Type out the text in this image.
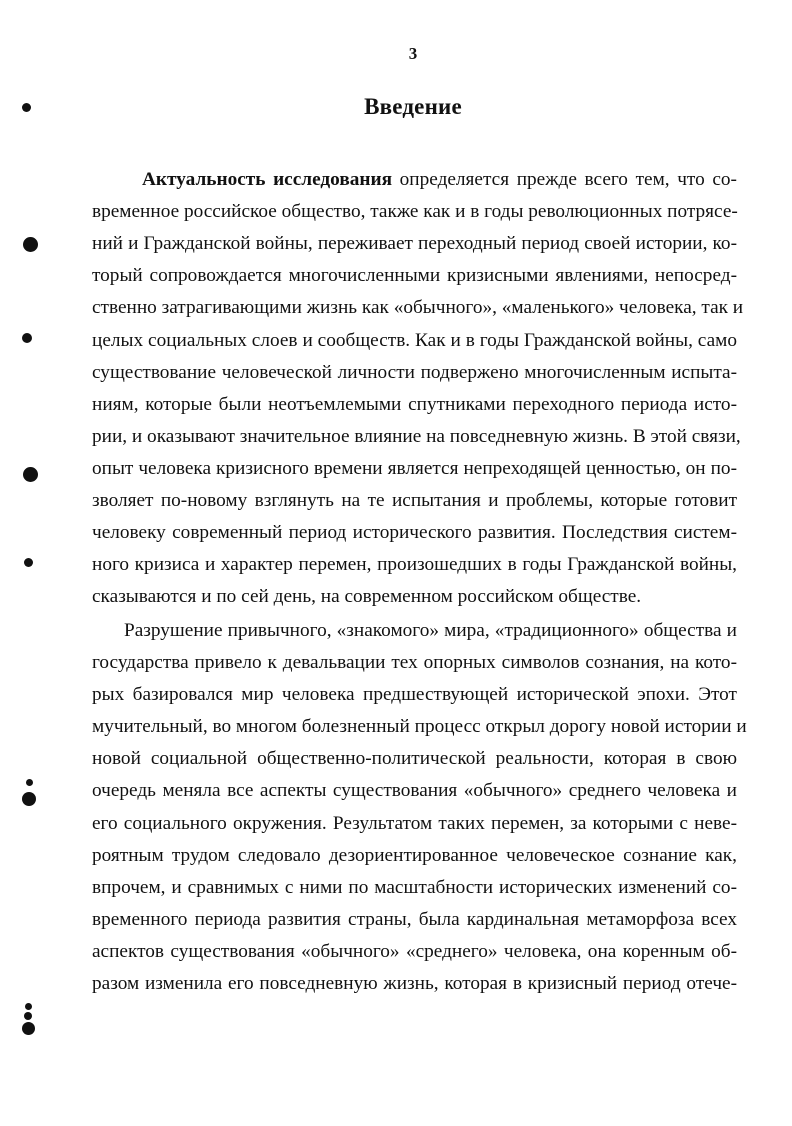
3
Введение
Актуальность исследования определяется прежде всего тем, что со-
временное российское общество, также как и в годы революционных потрясе-
ний и Гражданской войны, переживает переходный период своей истории, ко-
торый сопровождается многочисленными кризисными явлениями, непосред-
ственно затрагивающими жизнь как «обычного», «маленького» человека, так и
целых социальных слоев и сообществ. Как и в годы Гражданской войны, само
существование человеческой личности подвержено многочисленным испыта-
ниям, которые были неотъемлемыми спутниками переходного периода исто-
рии, и оказывают значительное влияние на повседневную жизнь. В этой связи,
опыт человека кризисного времени является непреходящей ценностью, он по-
зволяет по-новому взглянуть на те испытания и проблемы, которые готовит
человеку современный период исторического развития. Последствия систем-
ного кризиса и характер перемен, произошедших в годы Гражданской войны,
сказываются и по сей день, на современном российском обществе.
Разрушение привычного, «знакомого» мира, «традиционного» общества и
государства привело к девальвации тех опорных символов сознания, на кото-
рых базировался мир человека предшествующей исторической эпохи. Этот
мучительный, во многом болезненный процесс открыл дорогу новой истории и
новой социальной общественно-политической реальности, которая в свою
очередь меняла все аспекты существования «обычного» среднего человека и
его социального окружения. Результатом таких перемен, за которыми с неве-
роятным трудом следовало дезориентированное человеческое сознание как,
впрочем, и сравнимых с ними по масштабности исторических изменений со-
временного периода развития страны, была кардинальная метаморфоза всех
аспектов существования «обычного» «среднего» человека, она коренным об-
разом изменила его повседневную жизнь, которая в кризисный период отече-
